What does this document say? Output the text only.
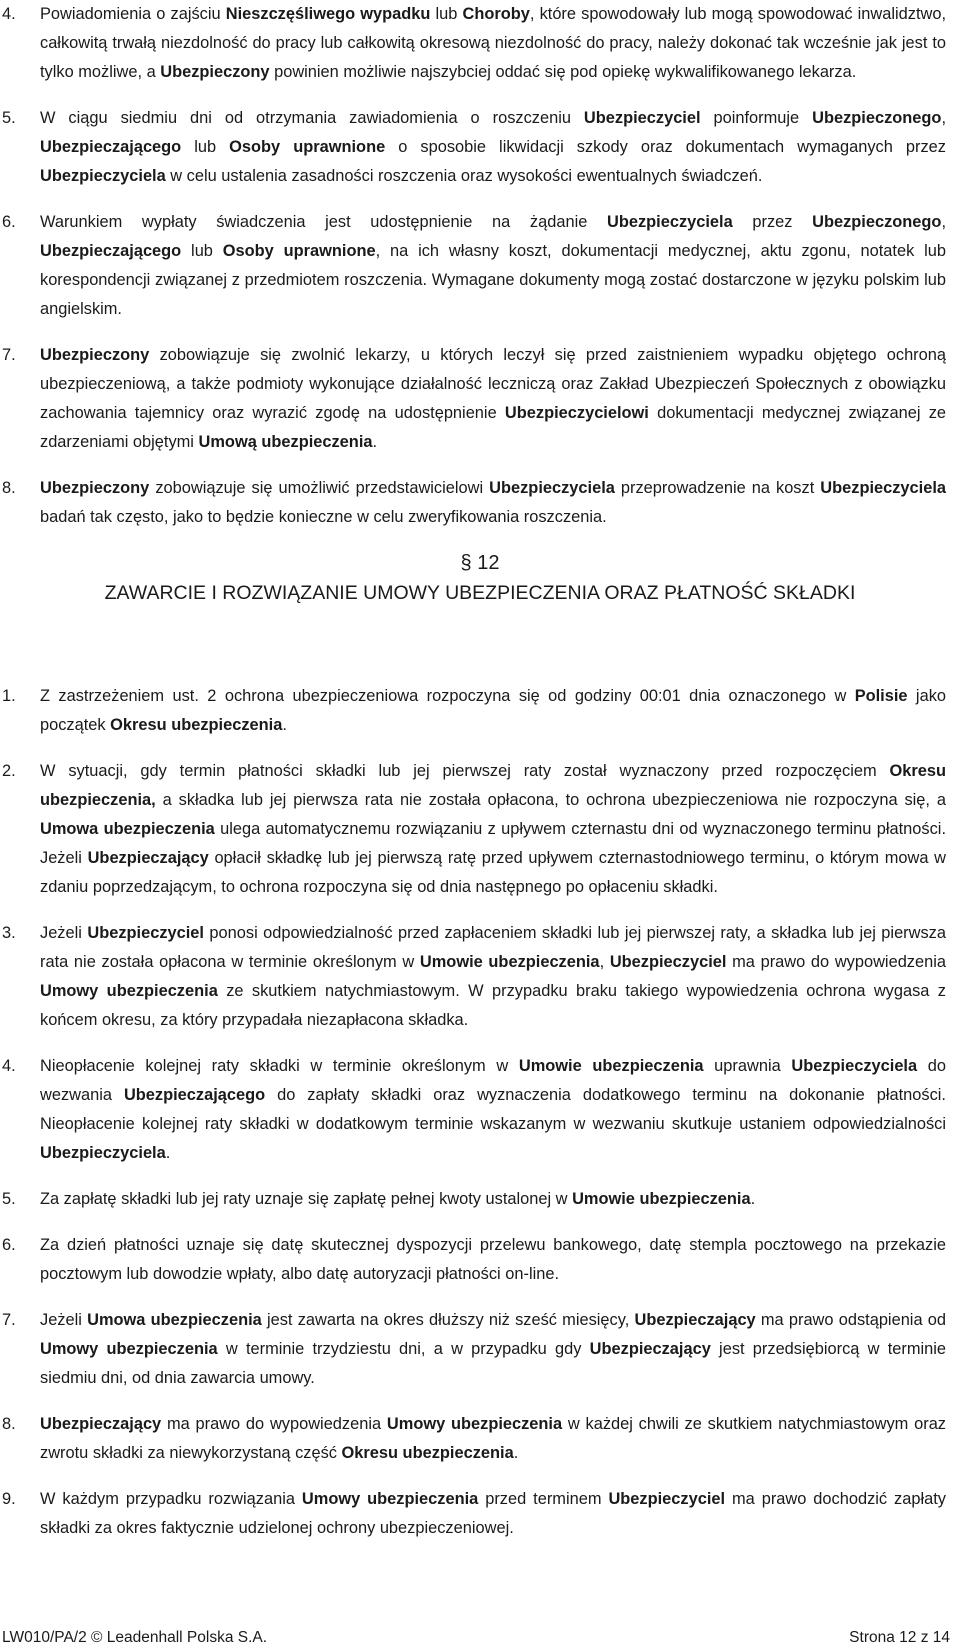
4. Powiadomienia o zajściu Nieszczęśliwego wypadku lub Choroby, które spowodowały lub mogą spowodować inwalidztwo, całkowitą trwałą niezdolność do pracy lub całkowitą okresową niezdolność do pracy, należy dokonać tak wcześnie jak jest to tylko możliwe, a Ubezpieczony powinien możliwie najszybciej oddać się pod opiekę wykwalifikowanego lekarza.
5. W ciągu siedmiu dni od otrzymania zawiadomienia o roszczeniu Ubezpieczyciel poinformuje Ubezpieczonego, Ubezpieczającego lub Osoby uprawnione o sposobie likwidacji szkody oraz dokumentach wymaganych przez Ubezpieczyciela w celu ustalenia zasadności roszczenia oraz wysokości ewentualnych świadczeń.
6. Warunkiem wypłaty świadczenia jest udostępnienie na żądanie Ubezpieczyciela przez Ubezpieczonego, Ubezpieczającego lub Osoby uprawnione, na ich własny koszt, dokumentacji medycznej, aktu zgonu, notatek lub korespondencji związanej z przedmiotem roszczenia. Wymagane dokumenty mogą zostać dostarczone w języku polskim lub angielskim.
7. Ubezpieczony zobowiązuje się zwolnić lekarzy, u których leczył się przed zaistnieniem wypadku objętego ochroną ubezpieczeniową, a także podmioty wykonujące działalność leczniczą oraz Zakład Ubezpieczeń Społecznych z obowiązku zachowania tajemnicy oraz wyrazić zgodę na udostępnienie Ubezpieczycielowi dokumentacji medycznej związanej ze zdarzeniami objętymi Umową ubezpieczenia.
8. Ubezpieczony zobowiązuje się umożliwić przedstawicielowi Ubezpieczyciela przeprowadzenie na koszt Ubezpieczyciela badań tak często, jako to będzie konieczne w celu zweryfikowania roszczenia.
§ 12
ZAWARCIE I ROZWIĄZANIE UMOWY UBEZPIECZENIA ORAZ PŁATNOŚĆ SKŁADKI
1. Z zastrzeżeniem ust. 2 ochrona ubezpieczeniowa rozpoczyna się od godziny 00:01 dnia oznaczonego w Polisie jako początek Okresu ubezpieczenia.
2. W sytuacji, gdy termin płatności składki lub jej pierwszej raty został wyznaczony przed rozpoczęciem Okresu ubezpieczenia, a składka lub jej pierwsza rata nie została opłacona, to ochrona ubezpieczeniowa nie rozpoczyna się, a Umowa ubezpieczenia ulega automatycznemu rozwiązaniu z upływem czternastu dni od wyznaczonego terminu płatności. Jeżeli Ubezpieczający opłacił składkę lub jej pierwszą ratę przed upływem czternastodniowego terminu, o którym mowa w zdaniu poprzedzającym, to ochrona rozpoczyna się od dnia następnego po opłaceniu składki.
3. Jeżeli Ubezpieczyciel ponosi odpowiedzialność przed zapłaceniem składki lub jej pierwszej raty, a składka lub jej pierwsza rata nie została opłacona w terminie określonym w Umowie ubezpieczenia, Ubezpieczyciel ma prawo do wypowiedzenia Umowy ubezpieczenia ze skutkiem natychmiastowym. W przypadku braku takiego wypowiedzenia ochrona wygasa z końcem okresu, za który przypadała niezapłacona składka.
4. Nieopłacenie kolejnej raty składki w terminie określonym w Umowie ubezpieczenia uprawnia Ubezpieczyciela do wezwania Ubezpieczającego do zapłaty składki oraz wyznaczenia dodatkowego terminu na dokonanie płatności. Nieopłacenie kolejnej raty składki w dodatkowym terminie wskazanym w wezwaniu skutkuje ustaniem odpowiedzialności Ubezpieczyciela.
5. Za zapłatę składki lub jej raty uznaje się zapłatę pełnej kwoty ustalonej w Umowie ubezpieczenia.
6. Za dzień płatności uznaje się datę skutecznej dyspozycji przelewu bankowego, datę stempla pocztowego na przekazie pocztowym lub dowodzie wpłaty, albo datę autoryzacji płatności on-line.
7. Jeżeli Umowa ubezpieczenia jest zawarta na okres dłuższy niż sześć miesięcy, Ubezpieczający ma prawo odstąpienia od Umowy ubezpieczenia w terminie trzydziestu dni, a w przypadku gdy Ubezpieczający jest przedsiębiorcą w terminie siedmiu dni, od dnia zawarcia umowy.
8. Ubezpieczający ma prawo do wypowiedzenia Umowy ubezpieczenia w każdej chwili ze skutkiem natychmiastowym oraz zwrotu składki za niewykorzystaną część Okresu ubezpieczenia.
9. W każdym przypadku rozwiązania Umowy ubezpieczenia przed terminem Ubezpieczyciel ma prawo dochodzić zapłaty składki za okres faktycznie udzielonej ochrony ubezpieczeniowej.
LW010/PA/2 © Leadenhall Polska S.A.	Strona 12 z 14
